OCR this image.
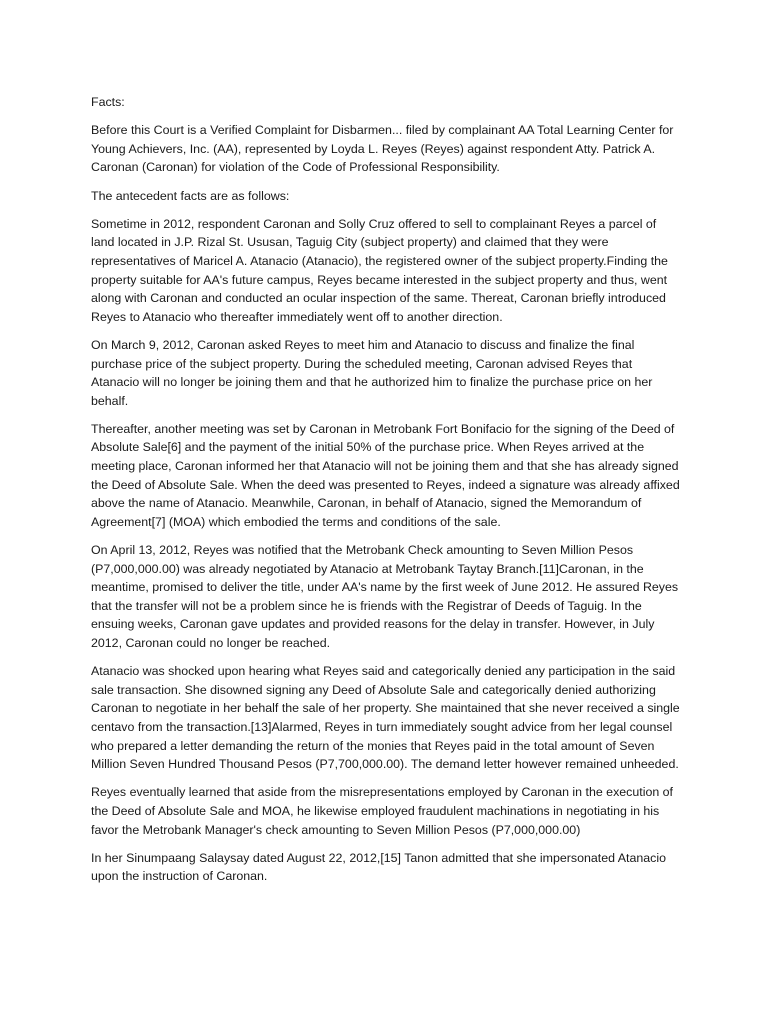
Facts:

Before this Court is a Verified Complaint for Disbarmen... filed by complainant AA Total Learning Center for Young Achievers, Inc. (AA), represented by Loyda L. Reyes (Reyes) against respondent Atty. Patrick A. Caronan (Caronan) for violation of the Code of Professional Responsibility.

The antecedent facts are as follows:

Sometime in 2012, respondent Caronan and Solly Cruz offered to sell to complainant Reyes a parcel of land located in J.P. Rizal St. Ususan, Taguig City (subject property) and claimed that they were representatives of Maricel A. Atanacio (Atanacio), the registered owner of the subject property.Finding the property suitable for AA's future campus, Reyes became interested in the subject property and thus, went along with Caronan and conducted an ocular inspection of the same. Thereat, Caronan briefly introduced Reyes to Atanacio who thereafter immediately went off to another direction.

On March 9, 2012, Caronan asked Reyes to meet him and Atanacio to discuss and finalize the final purchase price of the subject property. During the scheduled meeting, Caronan advised Reyes that Atanacio will no longer be joining them and that he authorized him to finalize the purchase price on her behalf.

Thereafter, another meeting was set by Caronan in Metrobank Fort Bonifacio for the signing of the Deed of Absolute Sale[6] and the payment of the initial 50% of the purchase price. When Reyes arrived at the meeting place, Caronan informed her that Atanacio will not be joining them and that she has already signed the Deed of Absolute Sale. When the deed was presented to Reyes, indeed a signature was already affixed above the name of Atanacio. Meanwhile, Caronan, in behalf of Atanacio, signed the Memorandum of Agreement[7] (MOA) which embodied the terms and conditions of the sale.

On April 13, 2012, Reyes was notified that the Metrobank Check amounting to Seven Million Pesos (P7,000,000.00) was already negotiated by Atanacio at Metrobank Taytay Branch.[11]Caronan, in the meantime, promised to deliver the title, under AA's name by the first week of June 2012. He assured Reyes that the transfer will not be a problem since he is friends with the Registrar of Deeds of Taguig. In the ensuing weeks, Caronan gave updates and provided reasons for the delay in transfer. However, in July 2012, Caronan could no longer be reached.

Atanacio was shocked upon hearing what Reyes said and categorically denied any participation in the said sale transaction. She disowned signing any Deed of Absolute Sale and categorically denied authorizing Caronan to negotiate in her behalf the sale of her property. She maintained that she never received a single centavo from the transaction.[13]Alarmed, Reyes in turn immediately sought advice from her legal counsel who prepared a letter demanding the return of the monies that Reyes paid in the total amount of Seven Million Seven Hundred Thousand Pesos (P7,700,000.00). The demand letter however remained unheeded.

Reyes eventually learned that aside from the misrepresentations employed by Caronan in the execution of the Deed of Absolute Sale and MOA, he likewise employed fraudulent machinations in negotiating in his favor the Metrobank Manager's check amounting to Seven Million Pesos (P7,000,000.00)

In her Sinumpaang Salaysay dated August 22, 2012,[15] Tanon admitted that she impersonated Atanacio upon the instruction of Caronan.
